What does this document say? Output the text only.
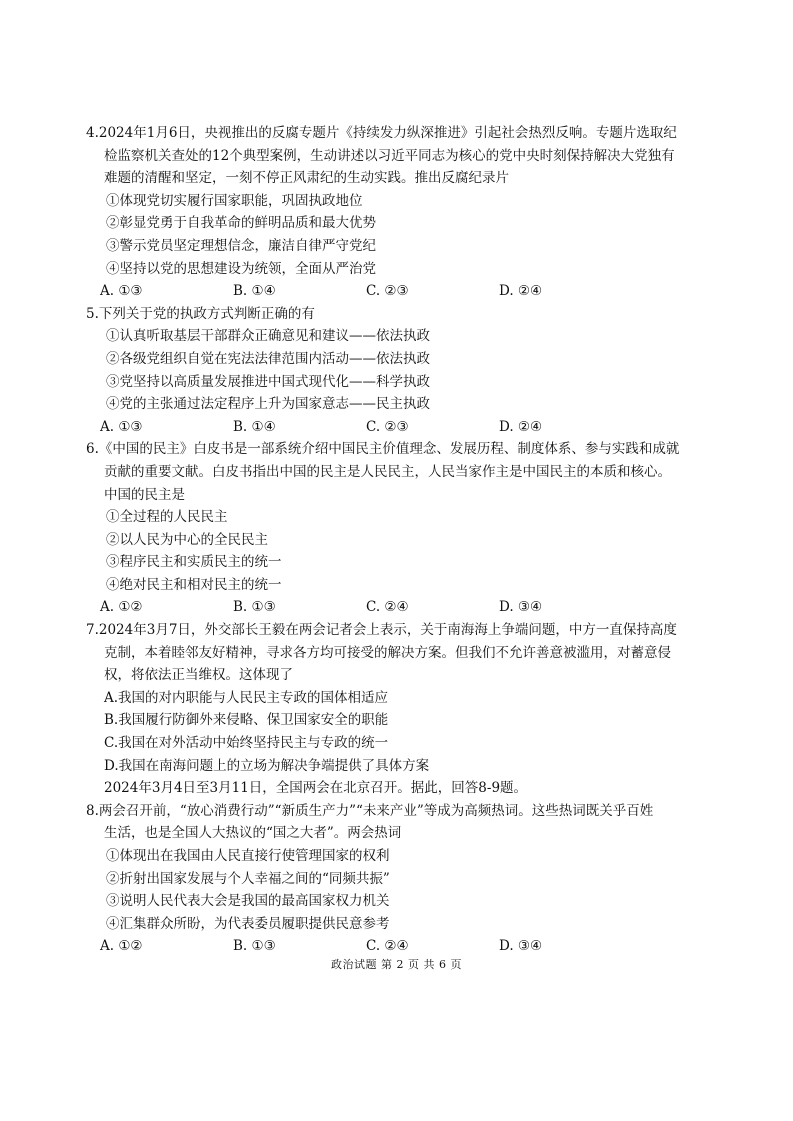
4.2024年1月6日，央视推出的反腐专题片《持续发力纵深推进》引起社会热烈反响。专题片选取纪
检监察机关查处的12个典型案例，生动讲述以习近平同志为核心的党中央时刻保持解决大党独有
难题的清醒和坚定，一刻不停正风肃纪的生动实践。推出反腐纪录片
①体现党切实履行国家职能，巩固执政地位
②彰显党勇于自我革命的鲜明品质和最大优势
③警示党员坚定理想信念，廉洁自律严守党纪
④坚持以党的思想建设为统领，全面从严治党
A. ①③	B. ①④	C. ②③	D. ②④
5.下列关于党的执政方式判断正确的有
①认真听取基层干部群众正确意见和建议——依法执政
②各级党组织自觉在宪法法律范围内活动——依法执政
③党坚持以高质量发展推进中国式现代化——科学执政
④党的主张通过法定程序上升为国家意志——民主执政
A. ①③	B. ①④	C. ②③	D. ②④
6.《中国的民主》白皮书是一部系统介绍中国民主价值理念、发展历程、制度体系、参与实践和成就
贡献的重要文献。白皮书指出中国的民主是人民民主，人民当家作主是中国民主的本质和核心。
中国的民主是
①全过程的人民民主
②以人民为中心的全民民主
③程序民主和实质民主的统一
④绝对民主和相对民主的统一
A. ①②	B. ①③	C. ②④	D. ③④
7.2024年3月7日，外交部长王毅在两会记者会上表示，关于南海海上争端问题，中方一直保持高度
克制，本着睦邻友好精神，寻求各方均可接受的解决方案。但我们不允许善意被滥用，对蓄意侵
权，将依法正当维权。这体现了
A.我国的对内职能与人民民主专政的国体相适应
B.我国履行防御外来侵略、保卫国家安全的职能
C.我国在对外活动中始终坚持民主与专政的统一
D.我国在南海问题上的立场为解决争端提供了具体方案
2024年3月4日至3月11日，全国两会在北京召开。据此，回答8-9题。
8.两会召开前，“放心消费行动”“新质生产力”“未来产业”等成为高频热词。这些热词既关乎百姓
生活，也是全国人大热议的“国之大者”。两会热词
①体现出在我国由人民直接行使管理国家的权利
②折射出国家发展与个人幸福之间的“同频共振”
③说明人民代表大会是我国的最高国家权力机关
④汇集群众所盼，为代表委员履职提供民意参考
A. ①②	B. ①③	C. ②④	D. ③④
政治试题 第 2 页 共 6 页
